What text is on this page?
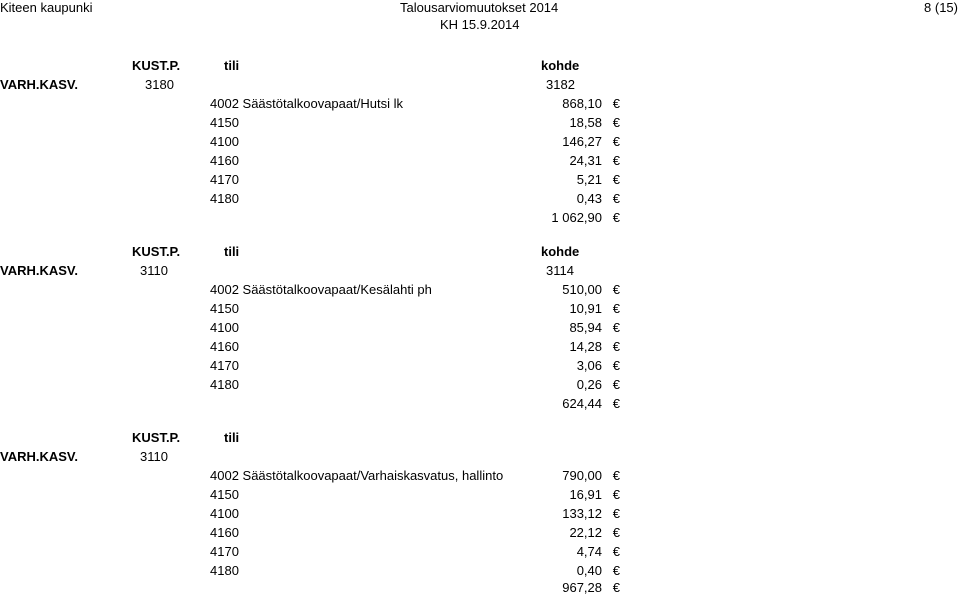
Kiteen kaupunki	Talousarviomuutokset 2014
KH 15.9.2014
8 (15)
KUST.P.	tili	kohde
VARH.KASV.	3180	3182
4002 Säästötalkoovapaat/Hutsi lk	868,10 €
4150	18,58 €
4100	146,27 €
4160	24,31 €
4170	5,21 €
4180	0,43 €
1 062,90 €
KUST.P.	tili	kohde
VARH.KASV.	3110	3114
4002 Säästötalkoovapaat/Kesälahti ph	510,00 €
4150	10,91 €
4100	85,94 €
4160	14,28 €
4170	3,06 €
4180	0,26 €
624,44 €
KUST.P.	tili
VARH.KASV.	3110
4002 Säästötalkoovapaat/Varhaiskasvatus, hallinto	790,00 €
4150	16,91 €
4100	133,12 €
4160	22,12 €
4170	4,74 €
4180	0,40 €
967,28 €
